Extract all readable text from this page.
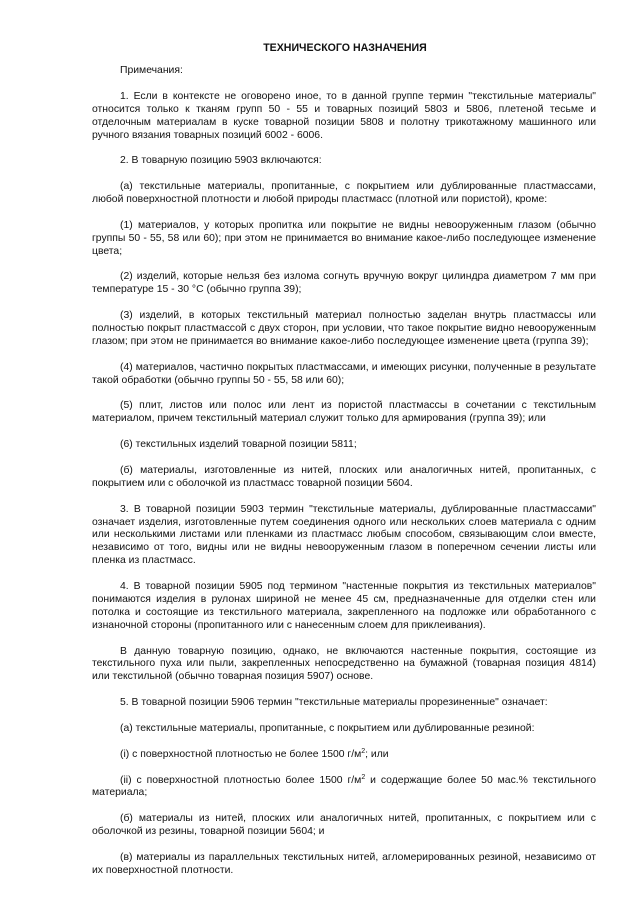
ТЕХНИЧЕСКОГО НАЗНАЧЕНИЯ

Примечания:

1. Если в контексте не оговорено иное, то в данной группе термин "текстильные материалы" относится только к тканям групп 50 - 55 и товарных позиций 5803 и 5806, плетеной тесьме и отделочным материалам в куске товарной позиции 5808 и полотну трикотажному машинного или ручного вязания товарных позиций 6002 - 6006.

2. В товарную позицию 5903 включаются:

(а) текстильные материалы, пропитанные, с покрытием или дублированные пластмассами, любой поверхностной плотности и любой природы пластмасс (плотной или пористой), кроме:

(1) материалов, у которых пропитка или покрытие не видны невооруженным глазом (обычно группы 50 - 55, 58 или 60); при этом не принимается во внимание какое-либо последующее изменение цвета;

(2) изделий, которые нельзя без излома согнуть вручную вокруг цилиндра диаметром 7 мм при температуре 15 - 30 °С (обычно группа 39);

(3) изделий, в которых текстильный материал полностью заделан внутрь пластмассы или полностью покрыт пластмассой с двух сторон, при условии, что такое покрытие видно невооруженным глазом; при этом не принимается во внимание какое-либо последующее изменение цвета (группа 39);

(4) материалов, частично покрытых пластмассами, и имеющих рисунки, полученные в результате такой обработки (обычно группы 50 - 55, 58 или 60);

(5) плит, листов или полос или лент из пористой пластмассы в сочетании с текстильным материалом, причем текстильный материал служит только для армирования (группа 39); или

(6) текстильных изделий товарной позиции 5811;

(б) материалы, изготовленные из нитей, плоских или аналогичных нитей, пропитанных, с покрытием или с оболочкой из пластмасс товарной позиции 5604.

3. В товарной позиции 5903 термин "текстильные материалы, дублированные пластмассами" означает изделия, изготовленные путем соединения одного или нескольких слоев материала с одним или несколькими листами или пленками из пластмасс любым способом, связывающим слои вместе, независимо от того, видны или не видны невооруженным глазом в поперечном сечении листы или пленка из пластмасс.

4. В товарной позиции 5905 под термином "настенные покрытия из текстильных материалов" понимаются изделия в рулонах шириной не менее 45 см, предназначенные для отделки стен или потолка и состоящие из текстильного материала, закрепленного на подложке или обработанного с изнаночной стороны (пропитанного или с нанесенным слоем для приклеивания).

В данную товарную позицию, однако, не включаются настенные покрытия, состоящие из текстильного пуха или пыли, закрепленных непосредственно на бумажной (товарная позиция 4814) или текстильной (обычно товарная позиция 5907) основе.

5. В товарной позиции 5906 термин "текстильные материалы прорезиненные" означает:

(а) текстильные материалы, пропитанные, с покрытием или дублированные резиной:

(i) с поверхностной плотностью не более 1500 $г/м^2$; или

(ii) с поверхностной плотностью более 1500 $г/м^2$ и содержащие более 50 мас.% текстильного материала;

(б) материалы из нитей, плоских или аналогичных нитей, пропитанных, с покрытием или с оболочкой из резины, товарной позиции 5604; и

(в) материалы из параллельных текстильных нитей, агломерированных резиной, независимо от их поверхностной плотности.
